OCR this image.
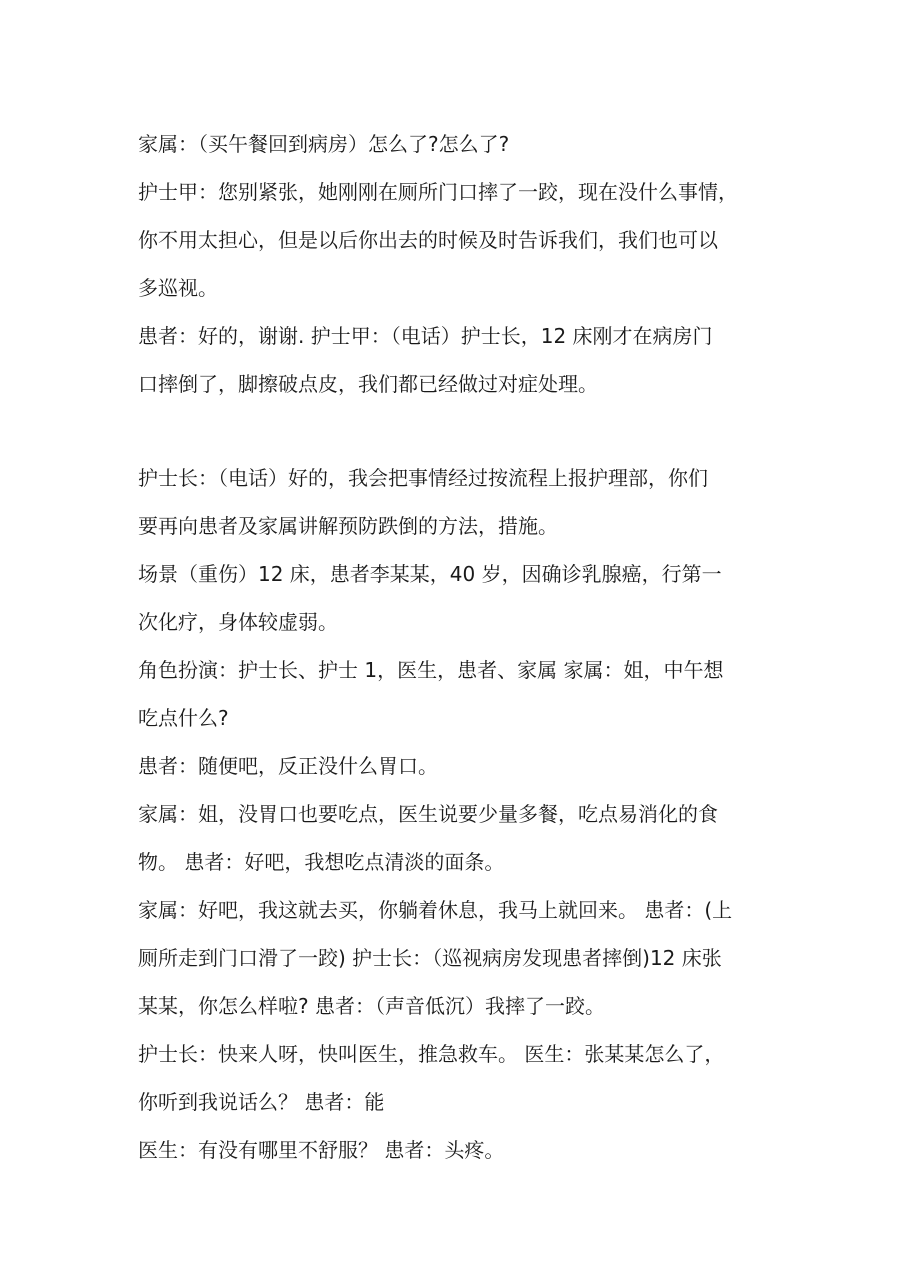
家属：（买午餐回到病房）怎么了?怎么了?
护士甲：您别紧张，她刚刚在厕所门口摔了一跤，现在没什么事情，
你不用太担心，但是以后你出去的时候及时告诉我们，我们也可以
多巡视。
患者：好的，谢谢. 护士甲：（电话）护士长，12 床刚才在病房门
口摔倒了，脚擦破点皮，我们都已经做过对症处理。
护士长：（电话）好的，我会把事情经过按流程上报护理部，你们
要再向患者及家属讲解预防跌倒的方法，措施。
场景（重伤）12 床，患者李某某，40 岁，因确诊乳腺癌，行第一
次化疗，身体较虚弱。
角色扮演：护士长、护士 1，医生，患者、家属 家属：姐，中午想
吃点什么?
患者：随便吧，反正没什么胃口。
家属：姐，没胃口也要吃点，医生说要少量多餐，吃点易消化的食
物。 患者：好吧，我想吃点清淡的面条。
家属：好吧，我这就去买，你躺着休息，我马上就回来。 患者：(上
厕所走到门口滑了一跤) 护士长：（巡视病房发现患者摔倒)12 床张
某某，你怎么样啦? 患者：（声音低沉）我摔了一跤。
护士长：快来人呀，快叫医生，推急救车。 医生：张某某怎么了，
你听到我说话么？ 患者：能
医生：有没有哪里不舒服？ 患者：头疼。
